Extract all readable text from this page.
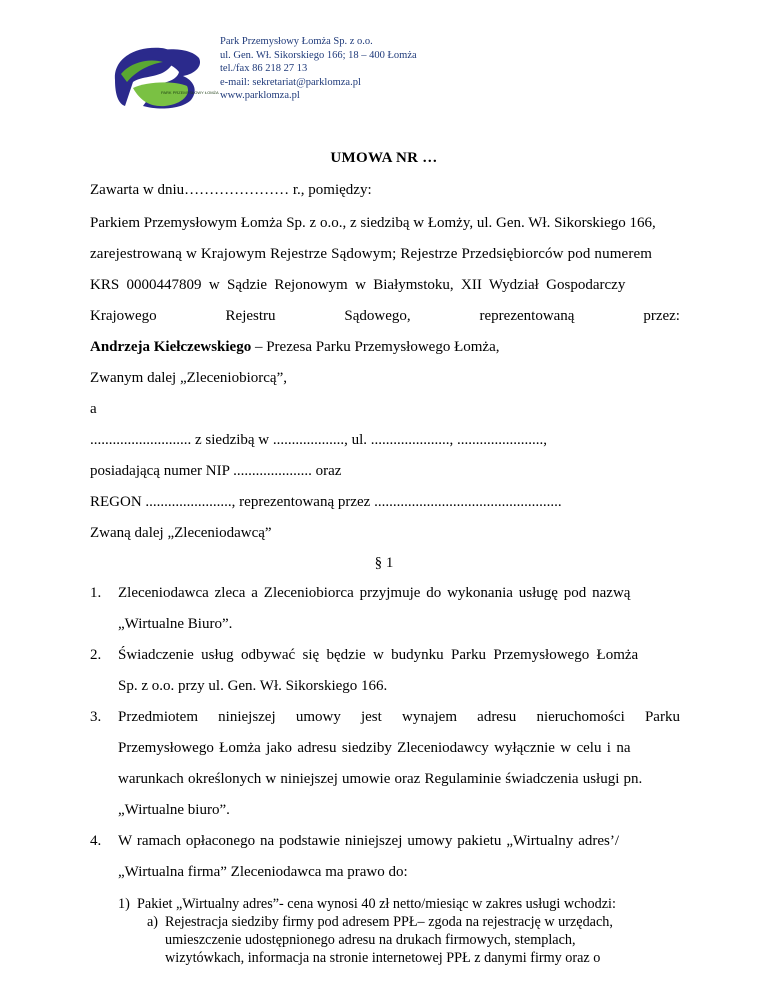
PARK PRZEMYSŁOWY ŁOMŻA
Park Przemysłowy Łomża Sp. z o.o.
ul. Gen. Wł. Sikorskiego 166; 18 – 400 Łomża
tel./fax 86 218 27 13
e-mail: sekretariat@parklomza.pl
www.parklomza.pl
UMOWA NR …
Zawarta w dniu………………… r., pomiędzy:
Parkiem Przemysłowym Łomża Sp. z o.o., z siedzibą w Łomży, ul. Gen. Wł. Sikorskiego 166,
zarejestrowaną w Krajowym Rejestrze Sądowym; Rejestrze Przedsiębiorców pod numerem
KRS 0000447809 w Sądzie Rejonowym w Białymstoku, XII Wydział Gospodarczy
Krajowego	Rejestru	Sądowego,	reprezentowaną	przez:
Andrzeja Kiełczewskiego – Prezesa Parku Przemysłowego Łomża,
Zwanym dalej „Zleceniobiorcą”,
a
........................... z siedzibą w ..................., ul. ....................., .......................,
posiadającą numer NIP ..................... oraz
REGON ......................., reprezentowaną przez ..................................................
Zwaną dalej „Zleceniodawcą”
§ 1
1. Zleceniodawca zleca a Zleceniobiorca przyjmuje do wykonania usługę pod nazwą
„Wirtualne Biuro”.
2. Świadczenie usług odbywać się będzie w budynku Parku Przemysłowego Łomża
Sp. z o.o. przy ul. Gen. Wł. Sikorskiego 166.
3. Przedmiotem niniejszej umowy jest wynajem adresu nieruchomości Parku
Przemysłowego Łomża jako adresu siedziby Zleceniodawcy wyłącznie w celu i na
warunkach określonych w niniejszej umowie oraz Regulaminie świadczenia usługi pn.
„Wirtualne biuro”.
4. W ramach opłaconego na podstawie niniejszej umowy pakietu „Wirtualny adres’/
„Wirtualna firma” Zleceniodawca ma prawo do:
1) Pakiet „Wirtualny adres”- cena wynosi 40 zł netto/miesiąc w zakres usługi wchodzi:
a) Rejestracja siedziby firmy pod adresem PPŁ– zgoda na rejestrację w urzędach,
umieszczenie udostępnionego adresu na drukach firmowych, stemplach,
wizytówkach, informacja na stronie internetowej PPŁ z danymi firmy oraz o
